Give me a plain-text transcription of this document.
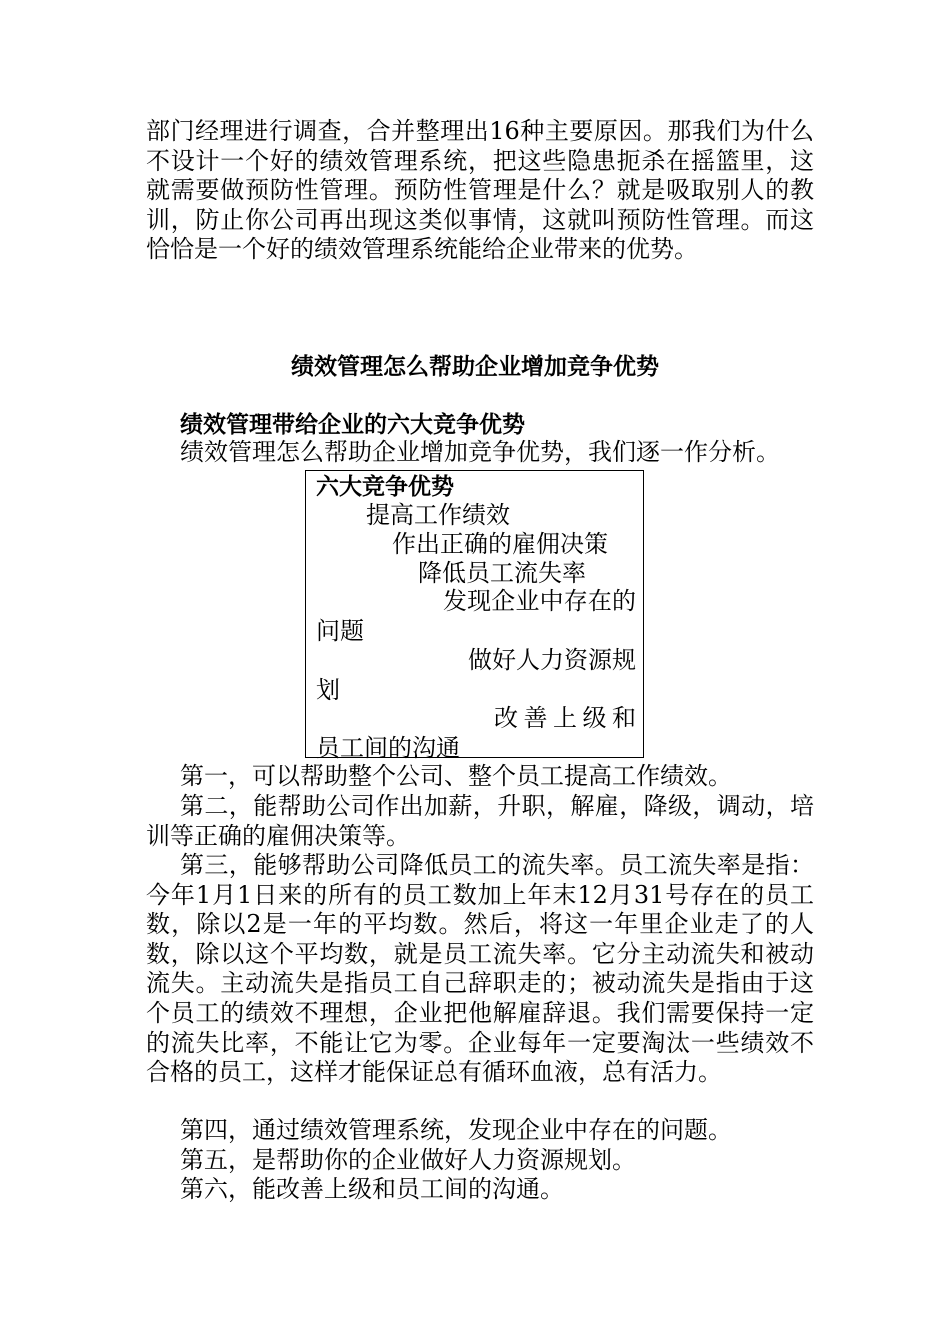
部门经理进行调查，合并整理出16种主要原因。那我们为什么不设计一个好的绩效管理系统，把这些隐患扼杀在摇篮里，这就需要做预防性管理。预防性管理是什么？就是吸取别人的教训，防止你公司再出现这类似事情，这就叫预防性管理。而这恰恰是一个好的绩效管理系统能给企业带来的优势。

绩效管理怎么帮助企业增加竞争优势
绩效管理带给企业的六大竞争优势

绩效管理怎么帮助企业增加竞争优势，我们逐一作分析。

六大竞争优势
提高工作绩效
作出正确的雇佣决策
降低员工流失率
发现企业中存在的问题
做好人力资源规划
改善上级和员工间的沟通

第一，可以帮助整个公司、整个员工提高工作绩效。

第二，能帮助公司作出加薪，升职，解雇，降级，调动，培训等正确的雇佣决策等。

第三，能够帮助公司降低员工的流失率。员工流失率是指：今年1月1日来的所有的员工数加上年末12月31号存在的员工数，除以2是一年的平均数。然后，将这一年里企业走了的人数，除以这个平均数，就是员工流失率。它分主动流失和被动流失。主动流失是指员工自己辞职走的；被动流失是指由于这个员工的绩效不理想，企业把他解雇辞退。我们需要保持一定的流失比率，不能让它为零。企业每年一定要淘汰一些绩效不合格的员工，这样才能保证总有循环血液，总有活力。

第四，通过绩效管理系统，发现企业中存在的问题。

第五，是帮助你的企业做好人力资源规划。

第六，能改善上级和员工间的沟通。
